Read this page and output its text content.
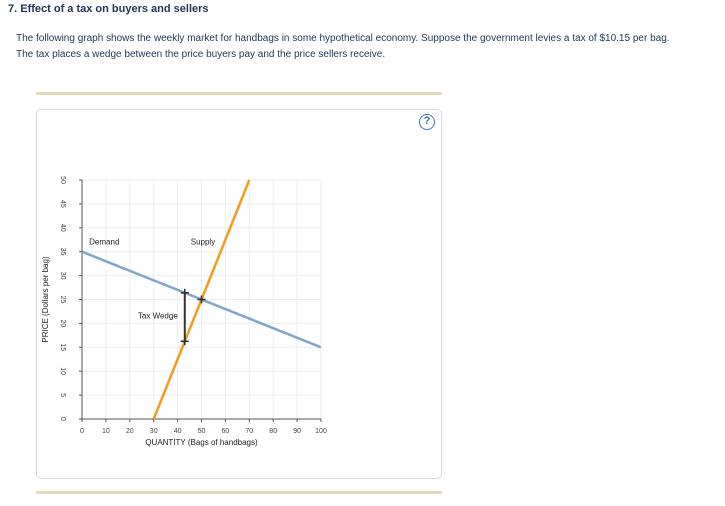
7. Effect of a tax on buyers and sellers

The following graph shows the weekly market for handbags in some hypothetical economy. Suppose the government levies a tax of $10.15 per bag.

The tax places a wedge between the price buyers pay and the price sellers receive.

?
0	10 20 30 40 50 60 70 80 90 100
0
5
10
15
20
25
30
35
40
45
50
QUANTITY (Bags of handbags)
PRICE (Dollars per bag)
Demand	Supply
Tax Wedge
